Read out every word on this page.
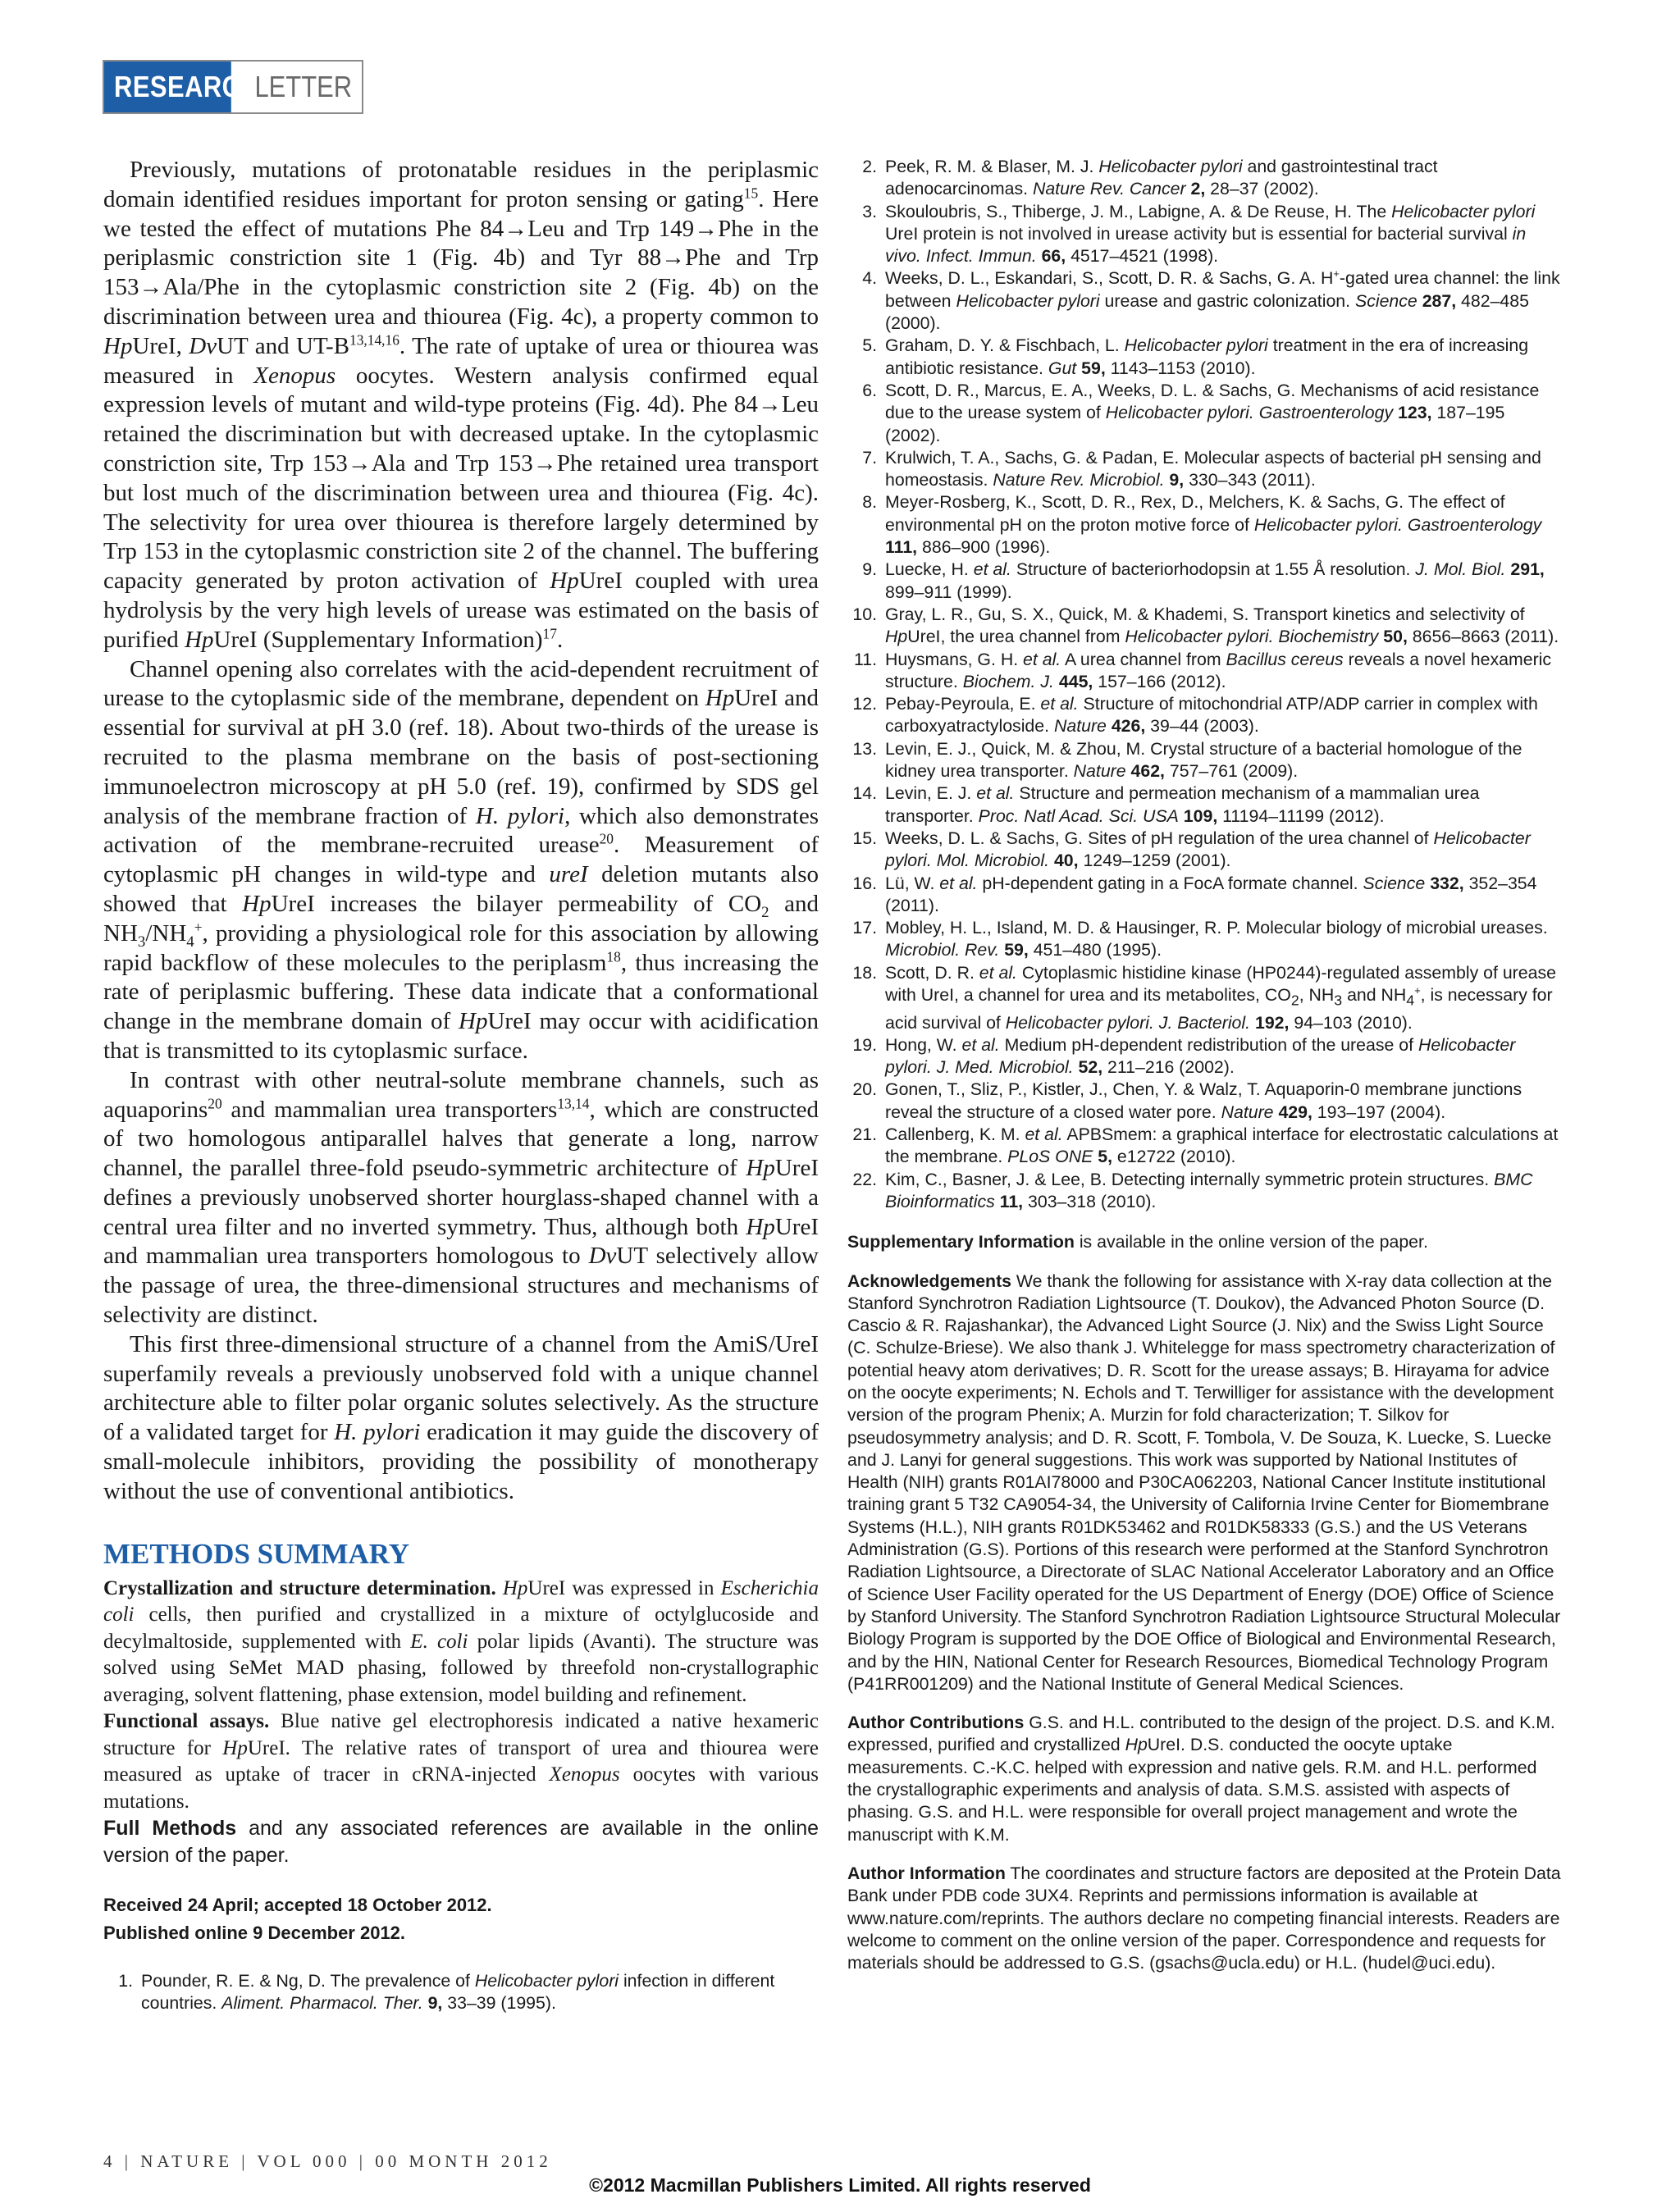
RESEARCH
LETTER

Previously, mutations of protonatable residues in the periplasmic domain identified residues important for proton sensing or gating$^{15}$. Here we tested the effect of mutations Phe 84→Leu and Trp 149→Phe in the periplasmic constriction site 1 (Fig. 4b) and Tyr 88→Phe and Trp 153→Ala/Phe in the cytoplasmic constriction site 2 (Fig. 4b) on the discrimination between urea and thiourea (Fig. 4c), a property common to HpUreI, DvUT and $UT-B^{13,14,16}$. The rate of uptake of urea or thiourea was measured in Xenopus oocytes. Western analysis confirmed equal expression levels of mutant and wild-type proteins (Fig. 4d). Phe 84→Leu retained the discrimination but with decreased uptake. In the cytoplasmic constriction site, Trp 153→Ala and Trp 153→Phe retained urea transport but lost much of the discrimination between urea and thiourea (Fig. 4c). The selectivity for urea over thiourea is therefore largely determined by Trp 153 in the cytoplasmic constriction site 2 of the channel. The buffering capacity generated by proton activation of HpUreI coupled with urea hydrolysis by the very high levels of urease was estimated on the basis of purified HpUreI (Supplementary Information)$^{17}$.

Channel opening also correlates with the acid-dependent recruitment of urease to the cytoplasmic side of the membrane, dependent on HpUreI and essential for survival at pH 3.0 (ref. 18). About two-thirds of the urease is recruited to the plasma membrane on the basis of post-sectioning immunoelectron microscopy at pH 5.0 (ref. 19), confirmed by SDS gel analysis of the membrane fraction of H. pylori, which also demonstrates activation of the membrane-recruited urease$^{20}$. Measurement of cytoplasmic pH changes in wild-type and ureI deletion mutants also showed that HpUreI increases the bilayer permeability of $CO_2$ and $NH_3/NH_4^+$, providing a physiological role for this association by allowing rapid backflow of these molecules to the periplasm$^{18}$, thus increasing the rate of periplasmic buffering. These data indicate that a conformational change in the membrane domain of HpUreI may occur with acidification that is transmitted to its cytoplasmic surface.

In contrast with other neutral-solute membrane channels, such as aquaporins$^{20}$ and mammalian urea transporters$^{13,14}$, which are constructed of two homologous antiparallel halves that generate a long, narrow channel, the parallel three-fold pseudo-symmetric architecture of HpUreI defines a previously unobserved shorter hourglass-shaped channel with a central urea filter and no inverted symmetry. Thus, although both HpUreI and mammalian urea transporters homologous to DvUT selectively allow the passage of urea, the three-dimensional structures and mechanisms of selectivity are distinct.

This first three-dimensional structure of a channel from the AmiS/UreI superfamily reveals a previously unobserved fold with a unique channel architecture able to filter polar organic solutes selectively. As the structure of a validated target for H. pylori eradication it may guide the discovery of small-molecule inhibitors, providing the possibility of monotherapy without the use of conventional antibiotics.

METHODS SUMMARY

Crystallization and structure determination. HpUreI was expressed in Escherichia coli cells, then purified and crystallized in a mixture of octylglucoside and decylmaltoside, supplemented with E. coli polar lipids (Avanti). The structure was solved using SeMet MAD phasing, followed by threefold non-crystallographic averaging, solvent flattening, phase extension, model building and refinement.

Functional assays. Blue native gel electrophoresis indicated a native hexameric structure for HpUreI. The relative rates of transport of urea and thiourea were measured as uptake of tracer in cRNA-injected Xenopus oocytes with various mutations.

Full Methods and any associated references are available in the online version of the paper.

Received 24 April; accepted 18 October 2012.
Published online 9 December 2012.
1. Pounder, R. E. & Ng, D. The prevalence of Helicobacter pylori infection in different countries. Aliment. Pharmacol. Ther. 9, 33–39 (1995).
2. Peek, R. M. & Blaser, M. J. Helicobacter pylori and gastrointestinal tract adenocarcinomas. Nature Rev. Cancer 2, 28–37 (2002).
3. Skouloubris, S., Thiberge, J. M., Labigne, A. & De Reuse, H. The Helicobacter pylori UreI protein is not involved in urease activity but is essential for bacterial survival in vivo. Infect. Immun. 66, 4517–4521 (1998).
4. Weeks, D. L., Eskandari, S., Scott, D. R. & Sachs, G. A. H+-gated urea channel: the link between Helicobacter pylori urease and gastric colonization. Science 287, 482–485 (2000).
5. Graham, D. Y. & Fischbach, L. Helicobacter pylori treatment in the era of increasing antibiotic resistance. Gut 59, 1143–1153 (2010).
6. Scott, D. R., Marcus, E. A., Weeks, D. L. & Sachs, G. Mechanisms of acid resistance due to the urease system of Helicobacter pylori. Gastroenterology 123, 187–195 (2002).
7. Krulwich, T. A., Sachs, G. & Padan, E. Molecular aspects of bacterial pH sensing and homeostasis. Nature Rev. Microbiol. 9, 330–343 (2011).
8. Meyer-Rosberg, K., Scott, D. R., Rex, D., Melchers, K. & Sachs, G. The effect of environmental pH on the proton motive force of Helicobacter pylori. Gastroenterology 111, 886–900 (1996).
9. Luecke, H. et al. Structure of bacteriorhodopsin at 1.55 Å resolution. J. Mol. Biol. 291, 899–911 (1999).
10. Gray, L. R., Gu, S. X., Quick, M. & Khademi, S. Transport kinetics and selectivity of HpUreI, the urea channel from Helicobacter pylori. Biochemistry 50, 8656–8663 (2011).
11. Huysmans, G. H. et al. A urea channel from Bacillus cereus reveals a novel hexameric structure. Biochem. J. 445, 157–166 (2012).
12. Pebay-Peyroula, E. et al. Structure of mitochondrial ATP/ADP carrier in complex with carboxyatractyloside. Nature 426, 39–44 (2003).
13. Levin, E. J., Quick, M. & Zhou, M. Crystal structure of a bacterial homologue of the kidney urea transporter. Nature 462, 757–761 (2009).
14. Levin, E. J. et al. Structure and permeation mechanism of a mammalian urea transporter. Proc. Natl Acad. Sci. USA 109, 11194–11199 (2012).
15. Weeks, D. L. & Sachs, G. Sites of pH regulation of the urea channel of Helicobacter pylori. Mol. Microbiol. 40, 1249–1259 (2001).
16. Lü, W. et al. pH-dependent gating in a FocA formate channel. Science 332, 352–354 (2011).
17. Mobley, H. L., Island, M. D. & Hausinger, R. P. Molecular biology of microbial ureases. Microbiol. Rev. 59, 451–480 (1995).
18. Scott, D. R. et al. Cytoplasmic histidine kinase (HP0244)-regulated assembly of urease with UreI, a channel for urea and its metabolites, $CO_2$, $NH_3$ and $NH_4^+$, is necessary for acid survival of Helicobacter pylori. J. Bacteriol. 192, 94–103 (2010).
19. Hong, W. et al. Medium pH-dependent redistribution of the urease of Helicobacter pylori. J. Med. Microbiol. 52, 211–216 (2002).
20. Gonen, T., Sliz, P., Kistler, J., Chen, Y. & Walz, T. Aquaporin-0 membrane junctions reveal the structure of a closed water pore. Nature 429, 193–197 (2004).
21. Callenberg, K. M. et al. APBSmem: a graphical interface for electrostatic calculations at the membrane. PLoS ONE 5, e12722 (2010).
22. Kim, C., Basner, J. & Lee, B. Detecting internally symmetric protein structures. BMC Bioinformatics 11, 303–318 (2010).

Supplementary Information is available in the online version of the paper.

Acknowledgements We thank the following for assistance with X-ray data collection at the Stanford Synchrotron Radiation Lightsource (T. Doukov), the Advanced Photon Source (D. Cascio & R. Rajashankar), the Advanced Light Source (J. Nix) and the Swiss Light Source (C. Schulze-Briese). We also thank J. Whitelegge for mass spectrometry characterization of potential heavy atom derivatives; D. R. Scott for the urease assays; B. Hirayama for advice on the oocyte experiments; N. Echols and T. Terwilliger for assistance with the development version of the program Phenix; A. Murzin for fold characterization; T. Silkov for pseudosymmetry analysis; and D. R. Scott, F. Tombola, V. De Souza, K. Luecke, S. Luecke and J. Lanyi for general suggestions. This work was supported by National Institutes of Health (NIH) grants R01AI78000 and P30CA062203, National Cancer Institute institutional training grant 5 T32 CA9054-34, the University of California Irvine Center for Biomembrane Systems (H.L.), NIH grants R01DK53462 and R01DK58333 (G.S.) and the US Veterans Administration (G.S). Portions of this research were performed at the Stanford Synchrotron Radiation Lightsource, a Directorate of SLAC National Accelerator Laboratory and an Office of Science User Facility operated for the US Department of Energy (DOE) Office of Science by Stanford University. The Stanford Synchrotron Radiation Lightsource Structural Molecular Biology Program is supported by the DOE Office of Biological and Environmental Research, and by the HIN, National Center for Research Resources, Biomedical Technology Program (P41RR001209) and the National Institute of General Medical Sciences.

Author Contributions G.S. and H.L. contributed to the design of the project. D.S. and K.M. expressed, purified and crystallized HpUreI. D.S. conducted the oocyte uptake measurements. C.-K.C. helped with expression and native gels. R.M. and H.L. performed the crystallographic experiments and analysis of data. S.M.S. assisted with aspects of phasing. G.S. and H.L. were responsible for overall project management and wrote the manuscript with K.M.

Author Information The coordinates and structure factors are deposited at the Protein Data Bank under PDB code 3UX4. Reprints and permissions information is available at www.nature.com/reprints. The authors declare no competing financial interests. Readers are welcome to comment on the online version of the paper. Correspondence and requests for materials should be addressed to G.S. (gsachs@ucla.edu) or H.L. (hudel@uci.edu).

4 | NATURE | VOL 000 | 00 MONTH 2012
©2012 Macmillan Publishers Limited. All rights reserved
